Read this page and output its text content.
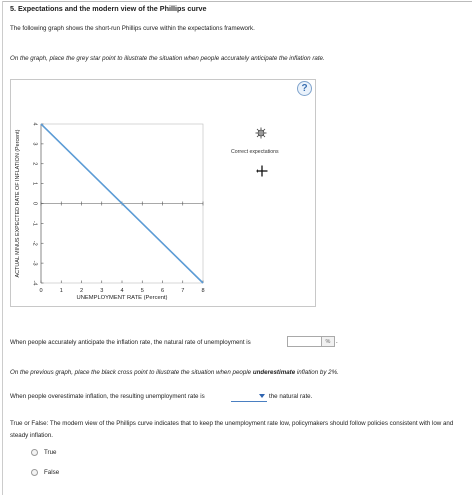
5. Expectations and the modern view of the Phillips curve
The following graph shows the short-run Phillips curve within the expectations framework.
On the graph, place the grey star point to illustrate the situation when people accurately anticipate the inflation rate.
0	1	2	3	4	5	6	7	8
4
3
2
1
0
-1
-2
-3
-4
UNEMPLOYMENT RATE (Percent)
ACTUAL MINUS EXPECTED RATE OF INFLATION (Percent)
?
Correct expectations
When people accurately anticipate the inflation rate, the natural rate of unemployment is	% .
On the previous graph, place the black cross point to illustrate the situation when people underestimate inflation by 2%.
When people overestimate inflation, the resulting unemployment rate is	the natural rate.
True or False: The modern view of the Phillips curve indicates that to keep the unemployment rate low, policymakers should follow policies consistent with low and steady inflation.
True
False
